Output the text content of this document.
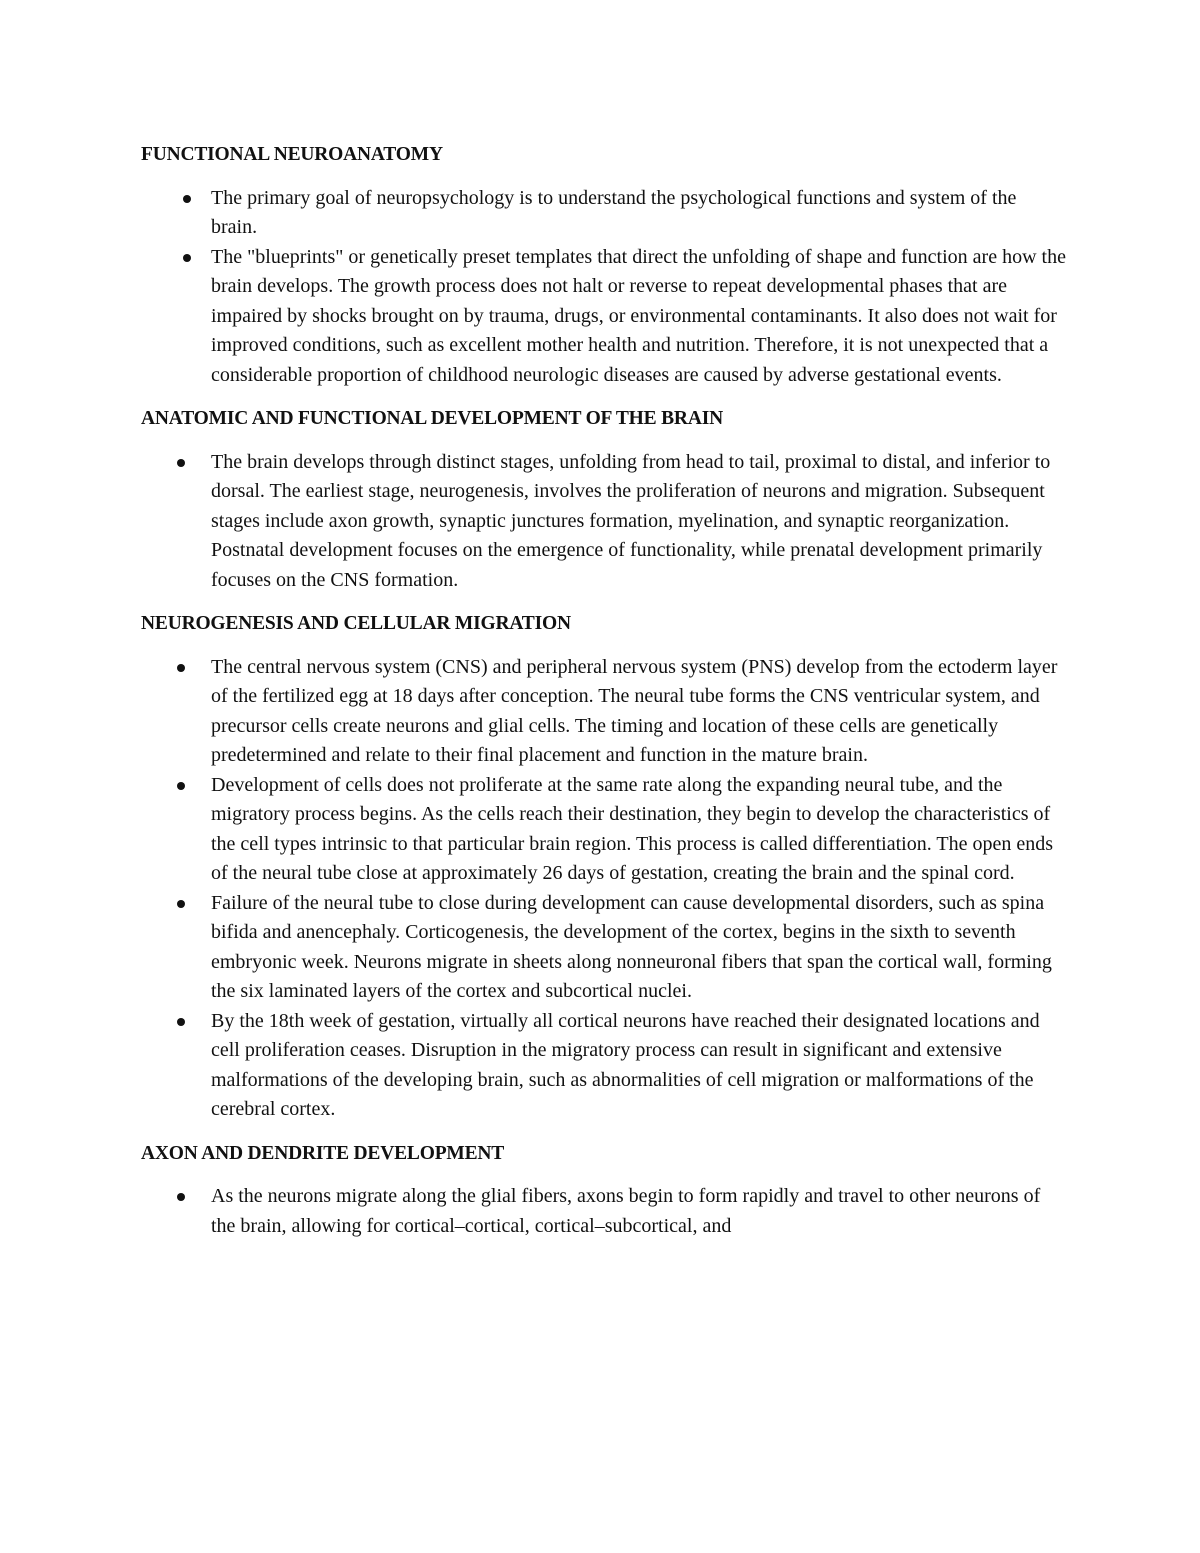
FUNCTIONAL NEUROANATOMY
The primary goal of neuropsychology is to understand the psychological functions and system of the brain.
The "blueprints" or genetically preset templates that direct the unfolding of shape and function are how the brain develops. The growth process does not halt or reverse to repeat developmental phases that are impaired by shocks brought on by trauma, drugs, or environmental contaminants. It also does not wait for improved conditions, such as excellent mother health and nutrition. Therefore, it is not unexpected that a considerable proportion of childhood neurologic diseases are caused by adverse gestational events.
ANATOMIC AND FUNCTIONAL DEVELOPMENT OF THE BRAIN
The brain develops through distinct stages, unfolding from head to tail, proximal to distal, and inferior to dorsal. The earliest stage, neurogenesis, involves the proliferation of neurons and migration. Subsequent stages include axon growth, synaptic junctures formation, myelination, and synaptic reorganization. Postnatal development focuses on the emergence of functionality, while prenatal development primarily focuses on the CNS formation.
NEUROGENESIS AND CELLULAR MIGRATION
The central nervous system (CNS) and peripheral nervous system (PNS) develop from the ectoderm layer of the fertilized egg at 18 days after conception. The neural tube forms the CNS ventricular system, and precursor cells create neurons and glial cells. The timing and location of these cells are genetically predetermined and relate to their final placement and function in the mature brain.
Development of cells does not proliferate at the same rate along the expanding neural tube, and the migratory process begins. As the cells reach their destination, they begin to develop the characteristics of the cell types intrinsic to that particular brain region. This process is called differentiation. The open ends of the neural tube close at approximately 26 days of gestation, creating the brain and the spinal cord.
Failure of the neural tube to close during development can cause developmental disorders, such as spina bifida and anencephaly. Corticogenesis, the development of the cortex, begins in the sixth to seventh embryonic week. Neurons migrate in sheets along nonneuronal fibers that span the cortical wall, forming the six laminated layers of the cortex and subcortical nuclei.
By the 18th week of gestation, virtually all cortical neurons have reached their designated locations and cell proliferation ceases. Disruption in the migratory process can result in significant and extensive malformations of the developing brain, such as abnormalities of cell migration or malformations of the cerebral cortex.
AXON AND DENDRITE DEVELOPMENT
As the neurons migrate along the glial fibers, axons begin to form rapidly and travel to other neurons of the brain, allowing for cortical–cortical, cortical–subcortical, and
